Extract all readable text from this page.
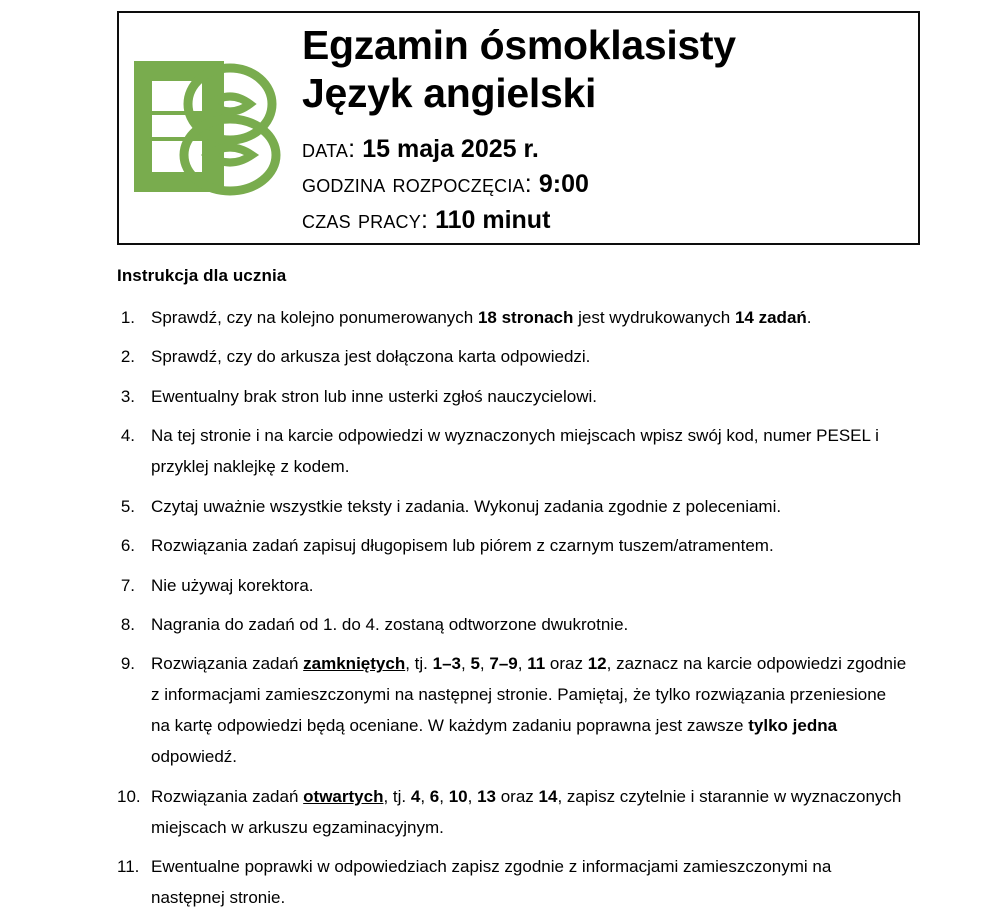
Egzamin ósmoklasisty
Język angielski
data: 15 maja 2025 r.
godzina rozpoczęcia: 9:00
czas pracy: 110 minut
Instrukcja dla ucznia
1. Sprawdź, czy na kolejno ponumerowanych 18 stronach jest wydrukowanych 14 zadań.
2. Sprawdź, czy do arkusza jest dołączona karta odpowiedzi.
3. Ewentualny brak stron lub inne usterki zgłoś nauczycielowi.
4. Na tej stronie i na karcie odpowiedzi w wyznaczonych miejscach wpisz swój kod, numer PESEL i przyklej naklejkę z kodem.
5. Czytaj uważnie wszystkie teksty i zadania. Wykonuj zadania zgodnie z poleceniami.
6. Rozwiązania zadań zapisuj długopisem lub piórem z czarnym tuszem/atramentem.
7. Nie używaj korektora.
8. Nagrania do zadań od 1. do 4. zostaną odtworzone dwukrotnie.
9. Rozwiązania zadań zamkniętych, tj. 1–3, 5, 7–9, 11 oraz 12, zaznacz na karcie odpowiedzi zgodnie z informacjami zamieszczonymi na następnej stronie. Pamiętaj, że tylko rozwiązania przeniesione na kartę odpowiedzi będą oceniane. W każdym zadaniu poprawna jest zawsze tylko jedna odpowiedź.
10. Rozwiązania zadań otwartych, tj. 4, 6, 10, 13 oraz 14, zapisz czytelnie i starannie w wyznaczonych miejscach w arkuszu egzaminacyjnym.
11. Ewentualne poprawki w odpowiedziach zapisz zgodnie z informacjami zamieszczonymi na następnej stronie.
